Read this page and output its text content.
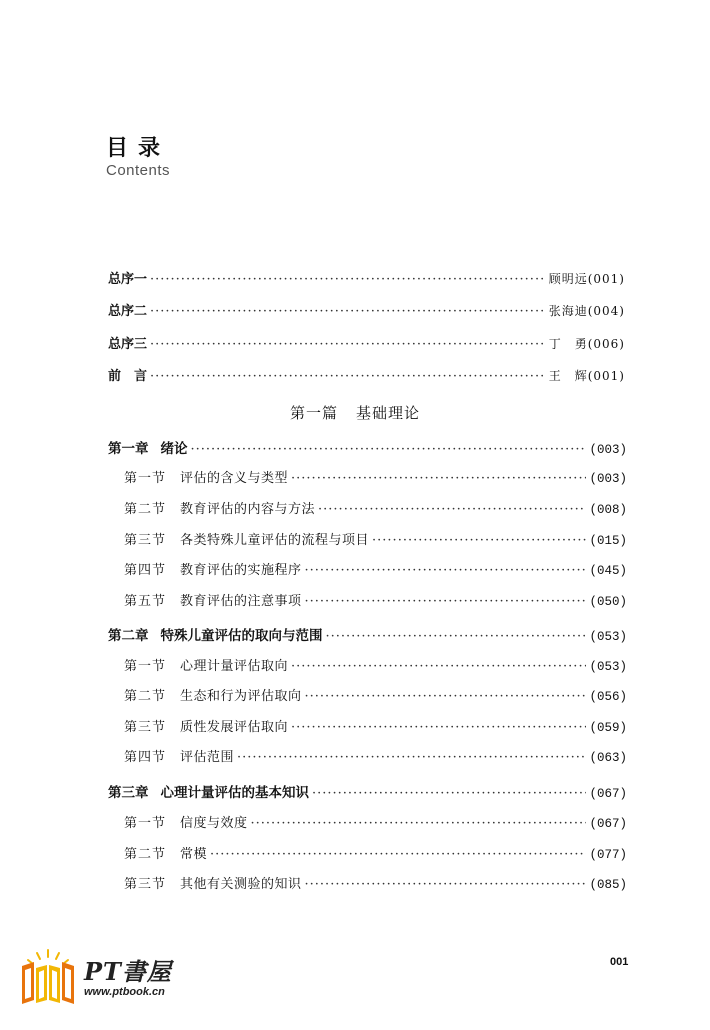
目录
Contents
总序一 ·····	顾明远(001)
总序二 ·····	张海迪(004)
总序三 ·····	丁　勇(006)
前　言 ·····	王　辉(001)
第一篇 基础理论
第一章 绪论 ·····	(003)
第一节 评估的含义与类型 ·····	(003)
第二节 教育评估的内容与方法 ·····	(008)
第三节 各类特殊儿童评估的流程与项目 ·····	(015)
第四节 教育评估的实施程序 ·····	(045)
第五节 教育评估的注意事项 ·····	(050)
第二章 特殊儿童评估的取向与范围 ·····	(053)
第一节 心理计量评估取向 ·····	(053)
第二节 生态和行为评估取向 ·····	(056)
第三节 质性发展评估取向 ·····	(059)
第四节 评估范围 ·····	(063)
第三章 心理计量评估的基本知识 ·····	(067)
第一节 信度与效度 ·····	(067)
第二节 常模 ·····	(077)
第三节 其他有关测验的知识 ·····	(085)
001
PT書屋
www.ptbook.cn
